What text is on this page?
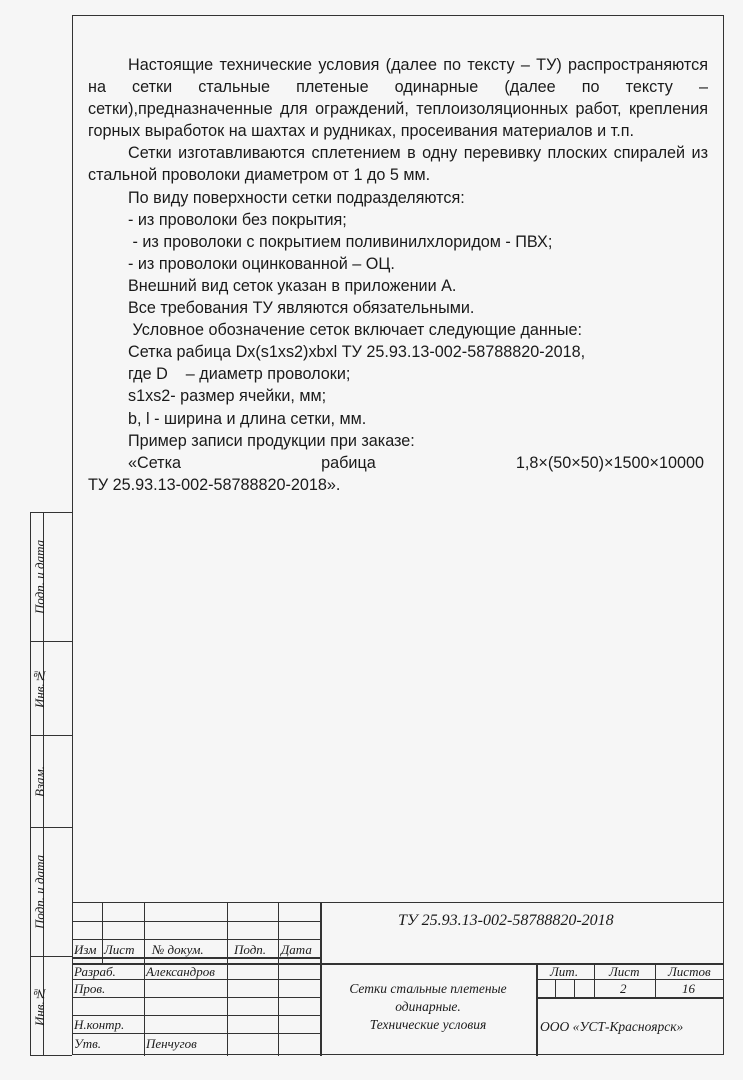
Настоящие технические условия (далее по тексту – ТУ) распространяются на сетки стальные плетеные одинарные (далее по тексту – сетки),предназначенные для ограждений, теплоизоляционных работ, крепления горных выработок на шахтах и рудниках, просеивания материалов и т.п.

Сетки изготавливаются сплетением в одну перевивку плоских спиралей из стальной проволоки диаметром от 1 до 5 мм.

По виду поверхности сетки подразделяются:

- из проволоки без покрытия;

- из проволоки с покрытием поливинилхлоридом - ПВХ;

- из проволоки оцинкованной – ОЦ.

Внешний вид сеток указан в приложении А.

Все требования ТУ являются обязательными.

Условное обозначение сеток включает следующие данные:

Сетка рабица Dx(s1xs2)xbxl ТУ 25.93.13-002-58788820-2018,

где D    – диаметр проволоки;

s1xs2- размер ячейки, мм;

b, l - ширина и длина сетки, мм.

Пример записи продукции при заказе:

«Сетка	рабица	1,8×(50×50)×1500×10000

ТУ 25.93.13-002-58788820-2018».

Подп. и дата
Инв.№
Взам.
Подп. и дата
Инв.№
ТУ 25.93.13-002-58788820-2018
Изм Лист № докум. Подп. Дата
Разраб. Александров
Пров.
Н.контр.
Утв.	Пенчугов
Сетки стальные плетеные
одинарные.
Технические условия
Лит. Лист Листов
2	16
ООО «УСТ-Красноярск»
